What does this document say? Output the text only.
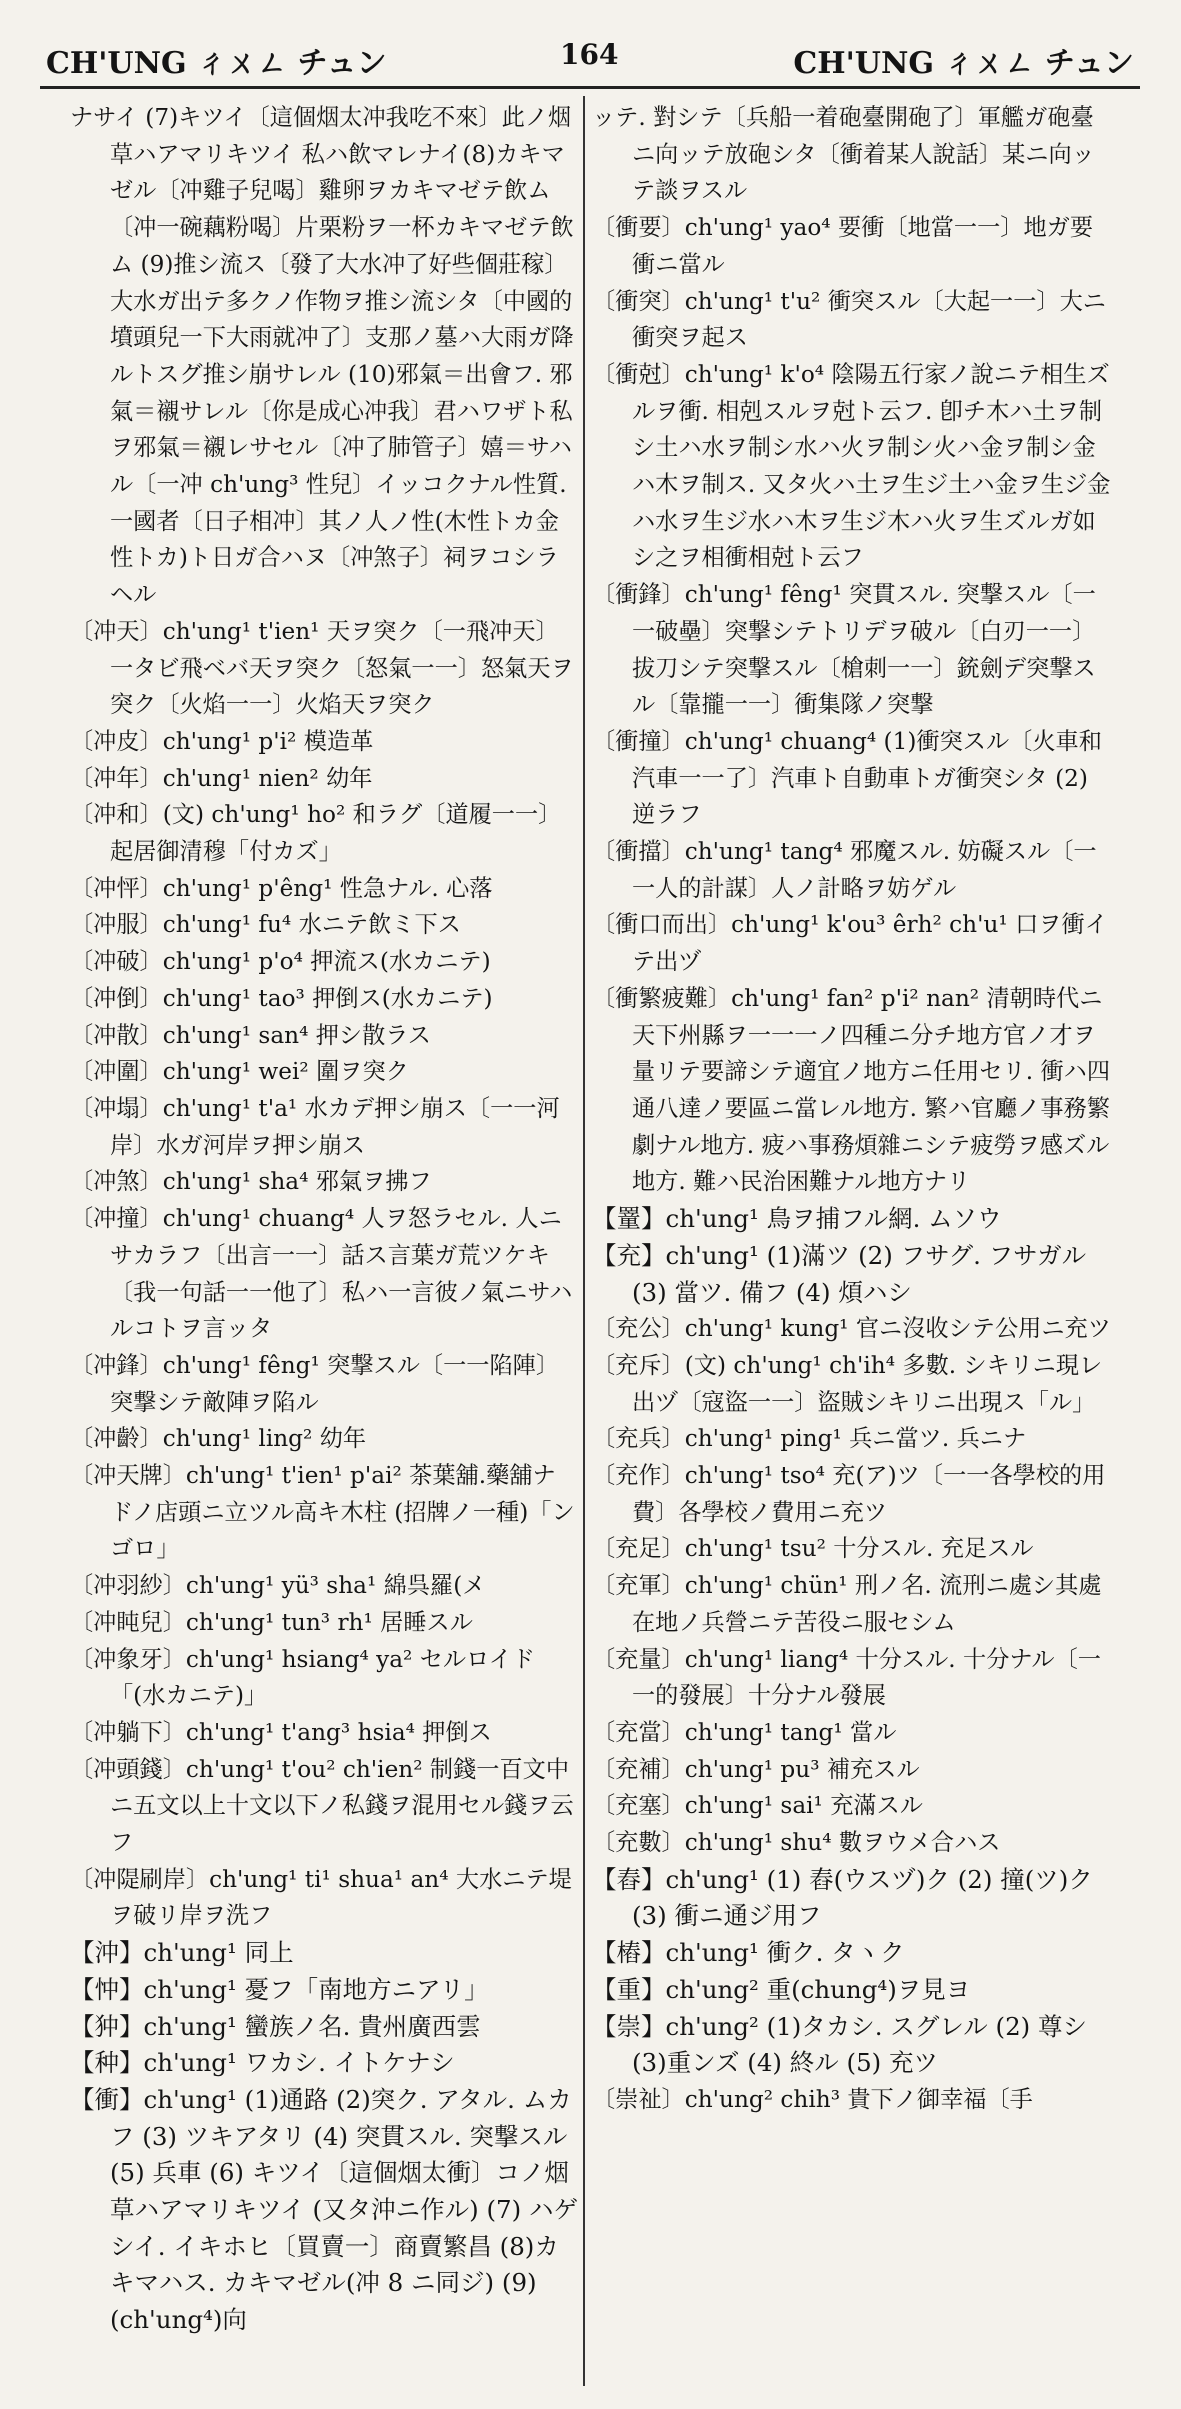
CH'UNG ㄔㄨㄥ チュン	164	CH'UNG ㄔㄨㄥ チュン
ナサイ (7)キツイ〔這個烟太冲我吃不來〕此ノ烟草ハアマリキツイ 私ハ飲マレナイ(8)カキマゼル〔冲雞子兒喝〕雞卵ヲカキマゼテ飲ム〔冲一碗藕粉喝〕片栗粉ヲ一杯カキマゼテ飲ム (9)推シ流ス〔發了大水冲了好些個莊稼〕大水ガ出テ多クノ作物ヲ推シ流シタ〔中國的墳頭兒一下大雨就冲了〕支那ノ墓ハ大雨ガ降ルトスグ推シ崩サレル (10)邪氣＝出會フ. 邪氣＝襯サレル〔你是成心冲我〕君ハワザト私ヲ邪氣＝襯レサセル〔冲了肺管子〕嬉＝サハル〔一冲 ch'ung³ 性兒〕イッコクナル性質.一國者〔日子相冲〕其ノ人ノ性(木性トカ金性トカ)ト日ガ合ハヌ〔冲煞子〕祠ヲコシラヘル
〔冲天〕ch'ung¹ t'ien¹ 天ヲ突ク〔一飛冲天〕一タビ飛ベバ天ヲ突ク〔怒氣一一〕怒氣天ヲ突ク〔火焰一一〕火焰天ヲ突ク
〔冲皮〕ch'ung¹ p'i² 模造革
〔冲年〕ch'ung¹ nien² 幼年
〔冲和〕(文) ch'ung¹ ho² 和ラグ〔道履一一〕起居御清穆「付カズ」
〔冲怦〕ch'ung¹ p'êng¹ 性急ナル. 心落
〔冲服〕ch'ung¹ fu⁴ 水ニテ飲ミ下ス
〔冲破〕ch'ung¹ p'o⁴ 押流ス(水カニテ)
〔冲倒〕ch'ung¹ tao³ 押倒ス(水カニテ)
〔冲散〕ch'ung¹ san⁴ 押シ散ラス
〔冲圍〕ch'ung¹ wei² 圍ヲ突ク
〔冲塌〕ch'ung¹ t'a¹ 水カデ押シ崩ス〔一一河岸〕水ガ河岸ヲ押シ崩ス
〔冲煞〕ch'ung¹ sha⁴ 邪氣ヲ拂フ
〔冲撞〕ch'ung¹ chuang⁴ 人ヲ怒ラセル. 人ニサカラフ〔出言一一〕話ス言葉ガ荒ツケキ〔我一句話一一他了〕私ハ一言彼ノ氣ニサハルコトヲ言ッタ
〔冲鋒〕ch'ung¹ fêng¹ 突撃スル〔一一陷陣〕突撃シテ敵陣ヲ陷ル
〔冲齡〕ch'ung¹ ling² 幼年
〔冲天牌〕ch'ung¹ t'ien¹ p'ai² 茶葉舖.藥舖ナドノ店頭ニ立ツル高キ木柱 (招牌ノ一種)「ンゴロ」
〔冲羽紗〕ch'ung¹ yü³ sha¹ 綿呉羅(メ
〔冲盹兒〕ch'ung¹ tun³ rh¹ 居睡スル
〔冲象牙〕ch'ung¹ hsiang⁴ ya² セルロイド「(水カニテ)」
〔冲躺下〕ch'ung¹ t'ang³ hsia⁴ 押倒ス
〔冲頭錢〕ch'ung¹ t'ou² ch'ien² 制錢一百文中ニ五文以上十文以下ノ私錢ヲ混用セル錢ヲ云フ
〔冲隄刷岸〕ch'ung¹ ti¹ shua¹ an⁴ 大水ニテ堤ヲ破リ岸ヲ洗フ
【沖】ch'ung¹ 同上
【忡】ch'ung¹ 憂フ「南地方ニアリ」
【狆】ch'ung¹ 蠻族ノ名. 貴州廣西雲
【种】ch'ung¹ ワカシ. イトケナシ
【衝】ch'ung¹ (1)通路 (2)突ク. アタル. ムカフ (3) ツキアタリ (4) 突貫スル. 突撃スル (5) 兵車 (6) キツイ〔這個烟太衝〕コノ烟草ハアマリキツイ (又タ沖ニ作ル) (7) ハゲシイ. イキホヒ〔買賣一〕商賣繁昌 (8)カキマハス. カキマゼル(冲 8 ニ同ジ) (9)(ch'ung⁴)向
ッテ. 對シテ〔兵船一着砲臺開砲了〕軍艦ガ砲臺ニ向ッテ放砲シタ〔衝着某人說話〕某ニ向ッテ談ヲスル
〔衝要〕ch'ung¹ yao⁴ 要衝〔地當一一〕地ガ要衝ニ當ル
〔衝突〕ch'ung¹ t'u² 衝突スル〔大起一一〕大ニ衝突ヲ起ス
〔衝尅〕ch'ung¹ k'o⁴ 陰陽五行家ノ說ニテ相生ズルヲ衝. 相剋スルヲ尅ト云フ. 卽チ木ハ土ヲ制シ土ハ水ヲ制シ水ハ火ヲ制シ火ハ金ヲ制シ金ハ木ヲ制ス. 又タ火ハ土ヲ生ジ土ハ金ヲ生ジ金ハ水ヲ生ジ水ハ木ヲ生ジ木ハ火ヲ生ズルガ如シ之ヲ相衝相尅ト云フ
〔衝鋒〕ch'ung¹ fêng¹ 突貫スル. 突撃スル〔一一破壘〕突撃シテトリデヲ破ル〔白刃一一〕拔刀シテ突撃スル〔槍刺一一〕銃劍デ突撃スル〔靠攏一一〕衝集隊ノ突撃
〔衝撞〕ch'ung¹ chuang⁴ (1)衝突スル〔火車和汽車一一了〕汽車ト自動車トガ衝突シタ (2) 逆ラフ
〔衝擋〕ch'ung¹ tang⁴ 邪魔スル. 妨礙スル〔一一人的計謀〕人ノ計略ヲ妨ゲル
〔衝口而出〕ch'ung¹ k'ou³ êrh² ch'u¹ 口ヲ衝イテ出ヅ
〔衝繁疲難〕ch'ung¹ fan² p'i² nan² 清朝時代ニ天下州縣ヲ一一一ノ四種ニ分チ地方官ノ才ヲ量リテ要諦シテ適宜ノ地方ニ任用セリ. 衝ハ四通八達ノ要區ニ當レル地方. 繁ハ官廳ノ事務繁劇ナル地方. 疲ハ事務煩雜ニシテ疲勞ヲ感ズル地方. 難ハ民治困難ナル地方ナリ
【罿】ch'ung¹ 鳥ヲ捕フル網. ムソウ
【充】ch'ung¹ (1)滿ツ (2) フサグ. フサガル (3) 當ツ. 備フ (4) 煩ハシ
〔充公〕ch'ung¹ kung¹ 官ニ沒收シテ公用ニ充ツ
〔充斥〕(文) ch'ung¹ ch'ih⁴ 多數. シキリニ現レ出ヅ〔寇盜一一〕盜賊シキリニ出現ス「ル」
〔充兵〕ch'ung¹ ping¹ 兵ニ當ツ. 兵ニナ
〔充作〕ch'ung¹ tso⁴ 充(ア)ツ〔一一各學校的用費〕各學校ノ費用ニ充ツ
〔充足〕ch'ung¹ tsu² 十分スル. 充足スル
〔充軍〕ch'ung¹ chün¹ 刑ノ名. 流刑ニ處シ其處在地ノ兵營ニテ苦役ニ服セシム
〔充量〕ch'ung¹ liang⁴ 十分スル. 十分ナル〔一一的發展〕十分ナル發展
〔充當〕ch'ung¹ tang¹ 當ル
〔充補〕ch'ung¹ pu³ 補充スル
〔充塞〕ch'ung¹ sai¹ 充滿スル
〔充數〕ch'ung¹ shu⁴ 數ヲウメ合ハス
【舂】ch'ung¹ (1) 舂(ウスヅ)ク (2) 撞(ツ)ク (3) 衝ニ通ジ用フ
【樁】ch'ung¹ 衝ク. タヽク
【重】ch'ung² 重(chung⁴)ヲ見ヨ
【崇】ch'ung² (1)タカシ. スグレル (2) 尊シ (3)重ンズ (4) 終ル (5) 充ツ
〔崇祉〕ch'ung² chih³ 貴下ノ御幸福〔手
